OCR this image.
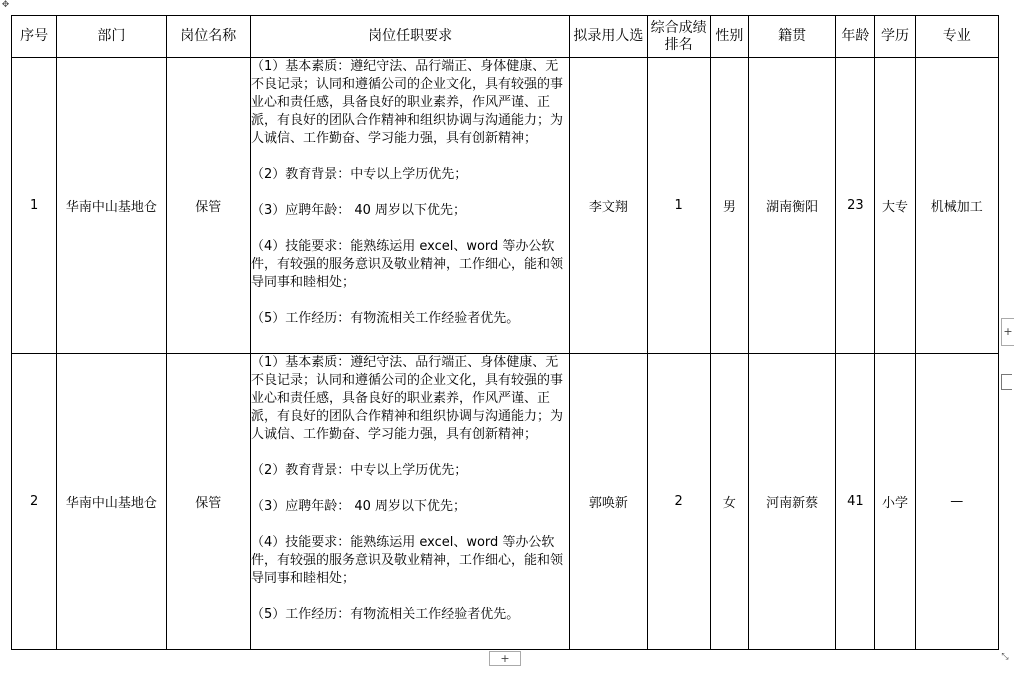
✥
序号	部门	岗位名称	岗位任职要求	拟录用人选	综合成绩排名	性别	籍贯	年龄	学历	专业
1	华南中山基地仓	保管	（1）基本素质：遵纪守法、品行端正、身体健康、无不良记录；认同和遵循公司的企业文化，具有较强的事业心和责任感，具备良好的职业素养，作风严谨、正派，有良好的团队合作精神和组织协调与沟通能力；为人诚信、工作勤奋、学习能力强，具有创新精神；

（2）教育背景：中专以上学历优先；

（3）应聘年龄： 40 周岁以下优先；

（4）技能要求：能熟练运用 excel、word 等办公软件，有较强的服务意识及敬业精神，工作细心，能和领导同事和睦相处；

（5）工作经历：有物流相关工作经验者优先。	李文翔	1	男	湖南衡阳	23	大专	机械加工
2	华南中山基地仓	保管	（1）基本素质：遵纪守法、品行端正、身体健康、无不良记录；认同和遵循公司的企业文化，具有较强的事业心和责任感，具备良好的职业素养，作风严谨、正派，有良好的团队合作精神和组织协调与沟通能力；为人诚信、工作勤奋、学习能力强，具有创新精神；

（2）教育背景：中专以上学历优先；

（3）应聘年龄： 40 周岁以下优先；

（4）技能要求：能熟练运用 excel、word 等办公软件，有较强的服务意识及敬业精神，工作细心，能和领导同事和睦相处；

（5）工作经历：有物流相关工作经验者优先。	郭唤新	2	女	河南新蔡	41	小学	—
+
+	⤡
